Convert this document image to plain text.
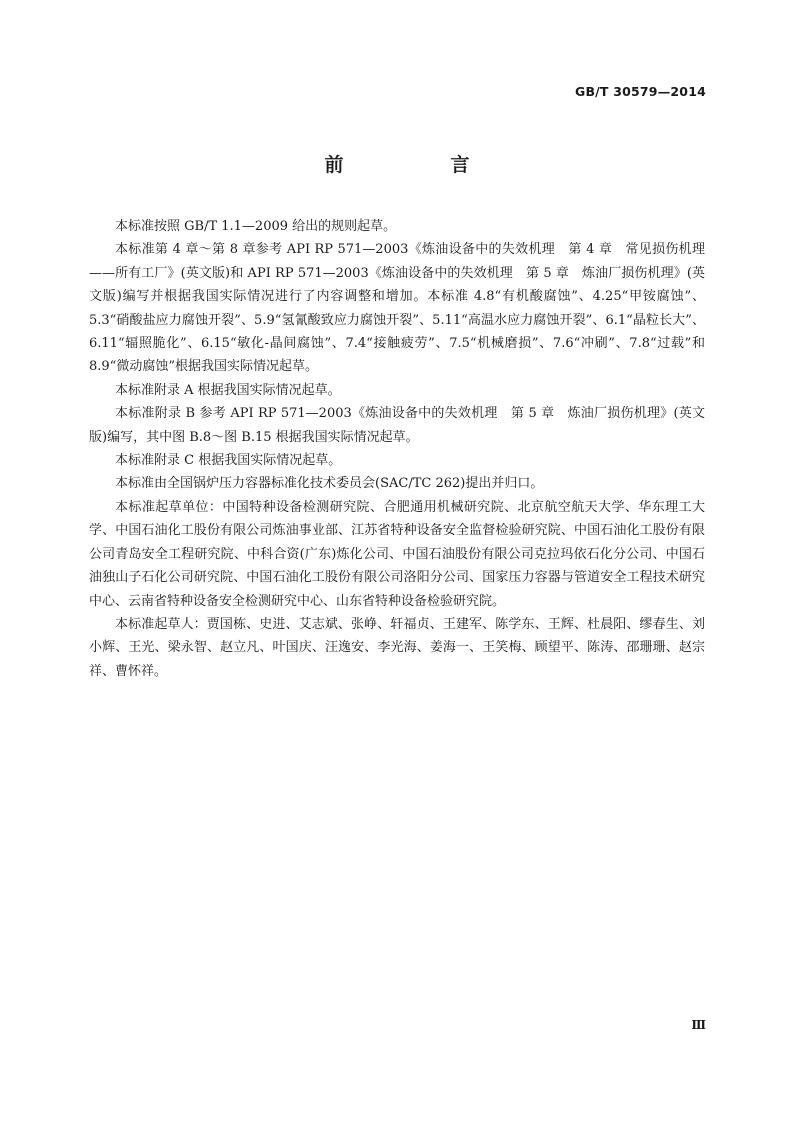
GB/T 30579—2014
前　言

本标准按照 GB/T 1.1—2009 给出的规则起草。

本标准第 4 章～第 8 章参考 API RP 571—2003《炼油设备中的失效机理　第 4 章　常见损伤机理——所有工厂》(英文版)和 API RP 571—2003《炼油设备中的失效机理　第 5 章　炼油厂损伤机理》(英文版)编写并根据我国实际情况进行了内容调整和增加。本标准 4.8“有机酸腐蚀”、4.25“甲铵腐蚀”、5.3“硝酸盐应力腐蚀开裂”、5.9“氢氰酸致应力腐蚀开裂”、5.11“高温水应力腐蚀开裂”、6.1“晶粒长大”、6.11“辐照脆化”、6.15“敏化-晶间腐蚀”、7.4“接触疲劳”、7.5“机械磨损”、7.6“冲刷”、7.8“过载”和 8.9“微动腐蚀”根据我国实际情况起草。

本标准附录 A 根据我国实际情况起草。

本标准附录 B 参考 API RP 571—2003《炼油设备中的失效机理　第 5 章　炼油厂损伤机理》(英文版)编写，其中图 B.8～图 B.15 根据我国实际情况起草。

本标准附录 C 根据我国实际情况起草。

本标准由全国锅炉压力容器标准化技术委员会(SAC/TC 262)提出并归口。

本标准起草单位：中国特种设备检测研究院、合肥通用机械研究院、北京航空航天大学、华东理工大学、中国石油化工股份有限公司炼油事业部、江苏省特种设备安全监督检验研究院、中国石油化工股份有限公司青岛安全工程研究院、中科合资(广东)炼化公司、中国石油股份有限公司克拉玛依石化分公司、中国石油独山子石化公司研究院、中国石油化工股份有限公司洛阳分公司、国家压力容器与管道安全工程技术研究中心、云南省特种设备安全检测研究中心、山东省特种设备检验研究院。

本标准起草人：贾国栋、史进、艾志斌、张峥、轩福贞、王建军、陈学东、王辉、杜晨阳、缪春生、刘小辉、王光、梁永智、赵立凡、叶国庆、汪逸安、李光海、姜海一、王笑梅、顾望平、陈涛、邵珊珊、赵宗祥、曹怀祥。

Ⅲ
